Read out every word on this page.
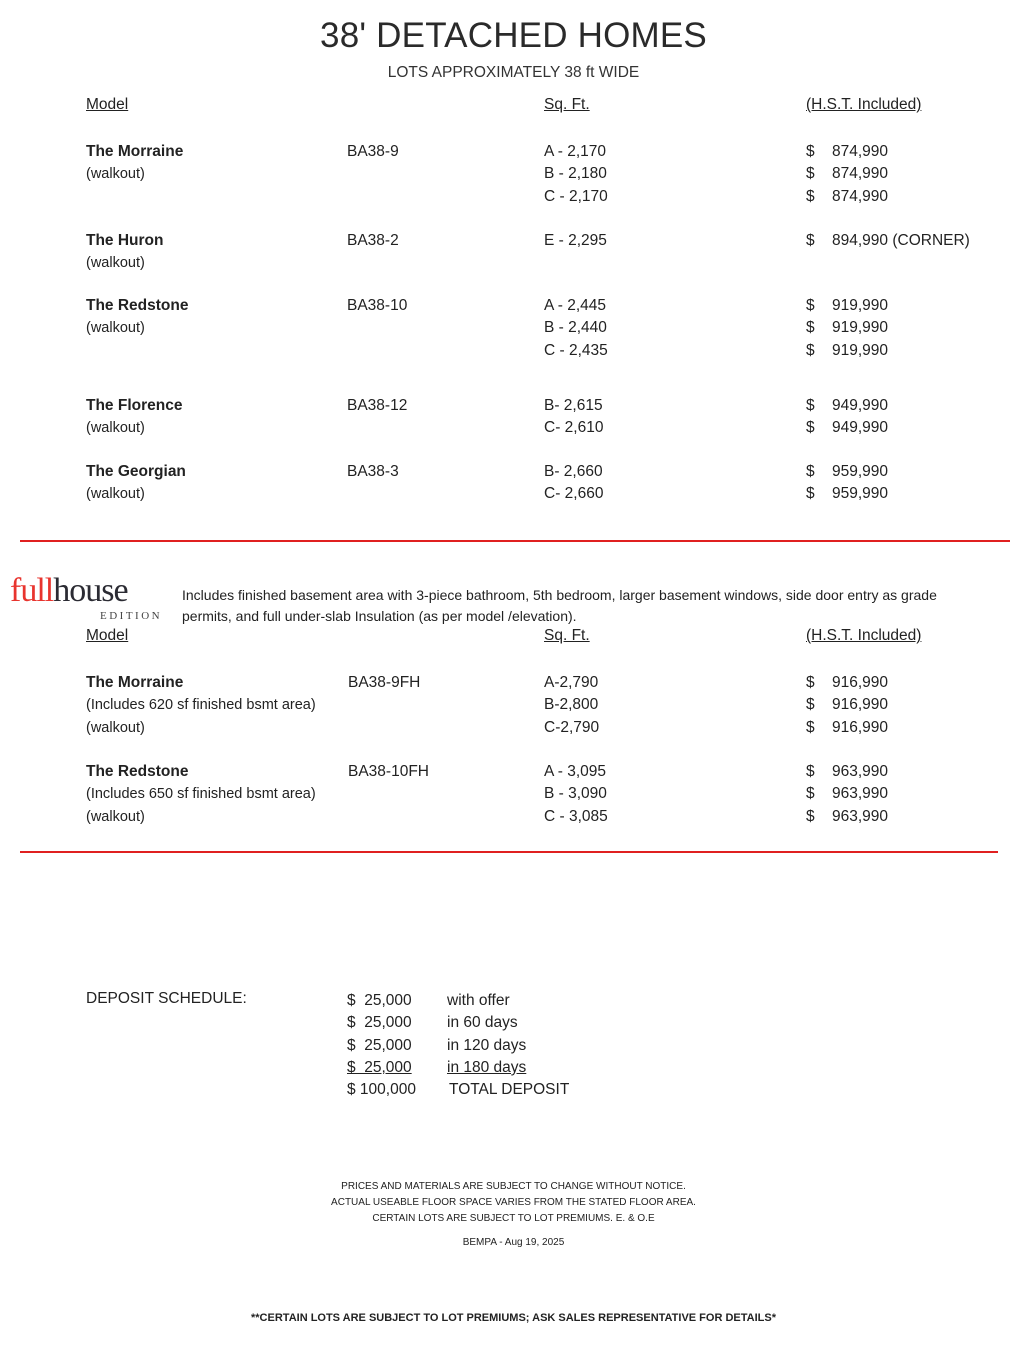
38' DETACHED HOMES
LOTS APPROXIMATELY 38 ft WIDE
Model	Sq. Ft.	(H.S.T. Included)
The Morraine
(walkout)
BA38-9	A - 2,170	$ 874,990
B - 2,180	$ 874,990
C - 2,170	$ 874,990
The Huron
(walkout)
BA38-2	E - 2,295	$ 894,990 (CORNER)
The Redstone
(walkout)
BA38-10	A - 2,445	$ 919,990
B - 2,440	$ 919,990
C - 2,435	$ 919,990
The Florence
(walkout)
BA38-12	B- 2,615	$ 949,990
C- 2,610	$ 949,990
The Georgian
(walkout)
BA38-3	B- 2,660	$ 959,990
C- 2,660	$ 959,990
fullhouse
EDITION
Includes finished basement area with 3-piece bathroom, 5th bedroom, larger basement windows, side door entry as grade
permits, and full under-slab Insulation (as per model /elevation).
Model	Sq. Ft.	(H.S.T. Included)
The Morraine
(Includes 620 sf finished bsmt area)
(walkout)
BA38-9FH	A-2,790	$ 916,990
B-2,800	$ 916,990
C-2,790	$ 916,990
The Redstone
(Includes 650 sf finished bsmt area)
(walkout)
BA38-10FH	A - 3,095	$ 963,990
B - 3,090	$ 963,990
C - 3,085	$ 963,990
DEPOSIT SCHEDULE:	$  25,000	with offer
$  25,000	in 60 days
$  25,000	in 120 days
$  25,000	in 180 days
$ 100,000	TOTAL DEPOSIT
PRICES AND MATERIALS ARE SUBJECT TO CHANGE WITHOUT NOTICE.
ACTUAL USEABLE FLOOR SPACE VARIES FROM THE STATED FLOOR AREA.
CERTAIN LOTS ARE SUBJECT TO LOT PREMIUMS. E. & O.E
BEMPA - Aug 19, 2025
**CERTAIN LOTS ARE SUBJECT TO LOT PREMIUMS; ASK SALES REPRESENTATIVE FOR DETAILS*
